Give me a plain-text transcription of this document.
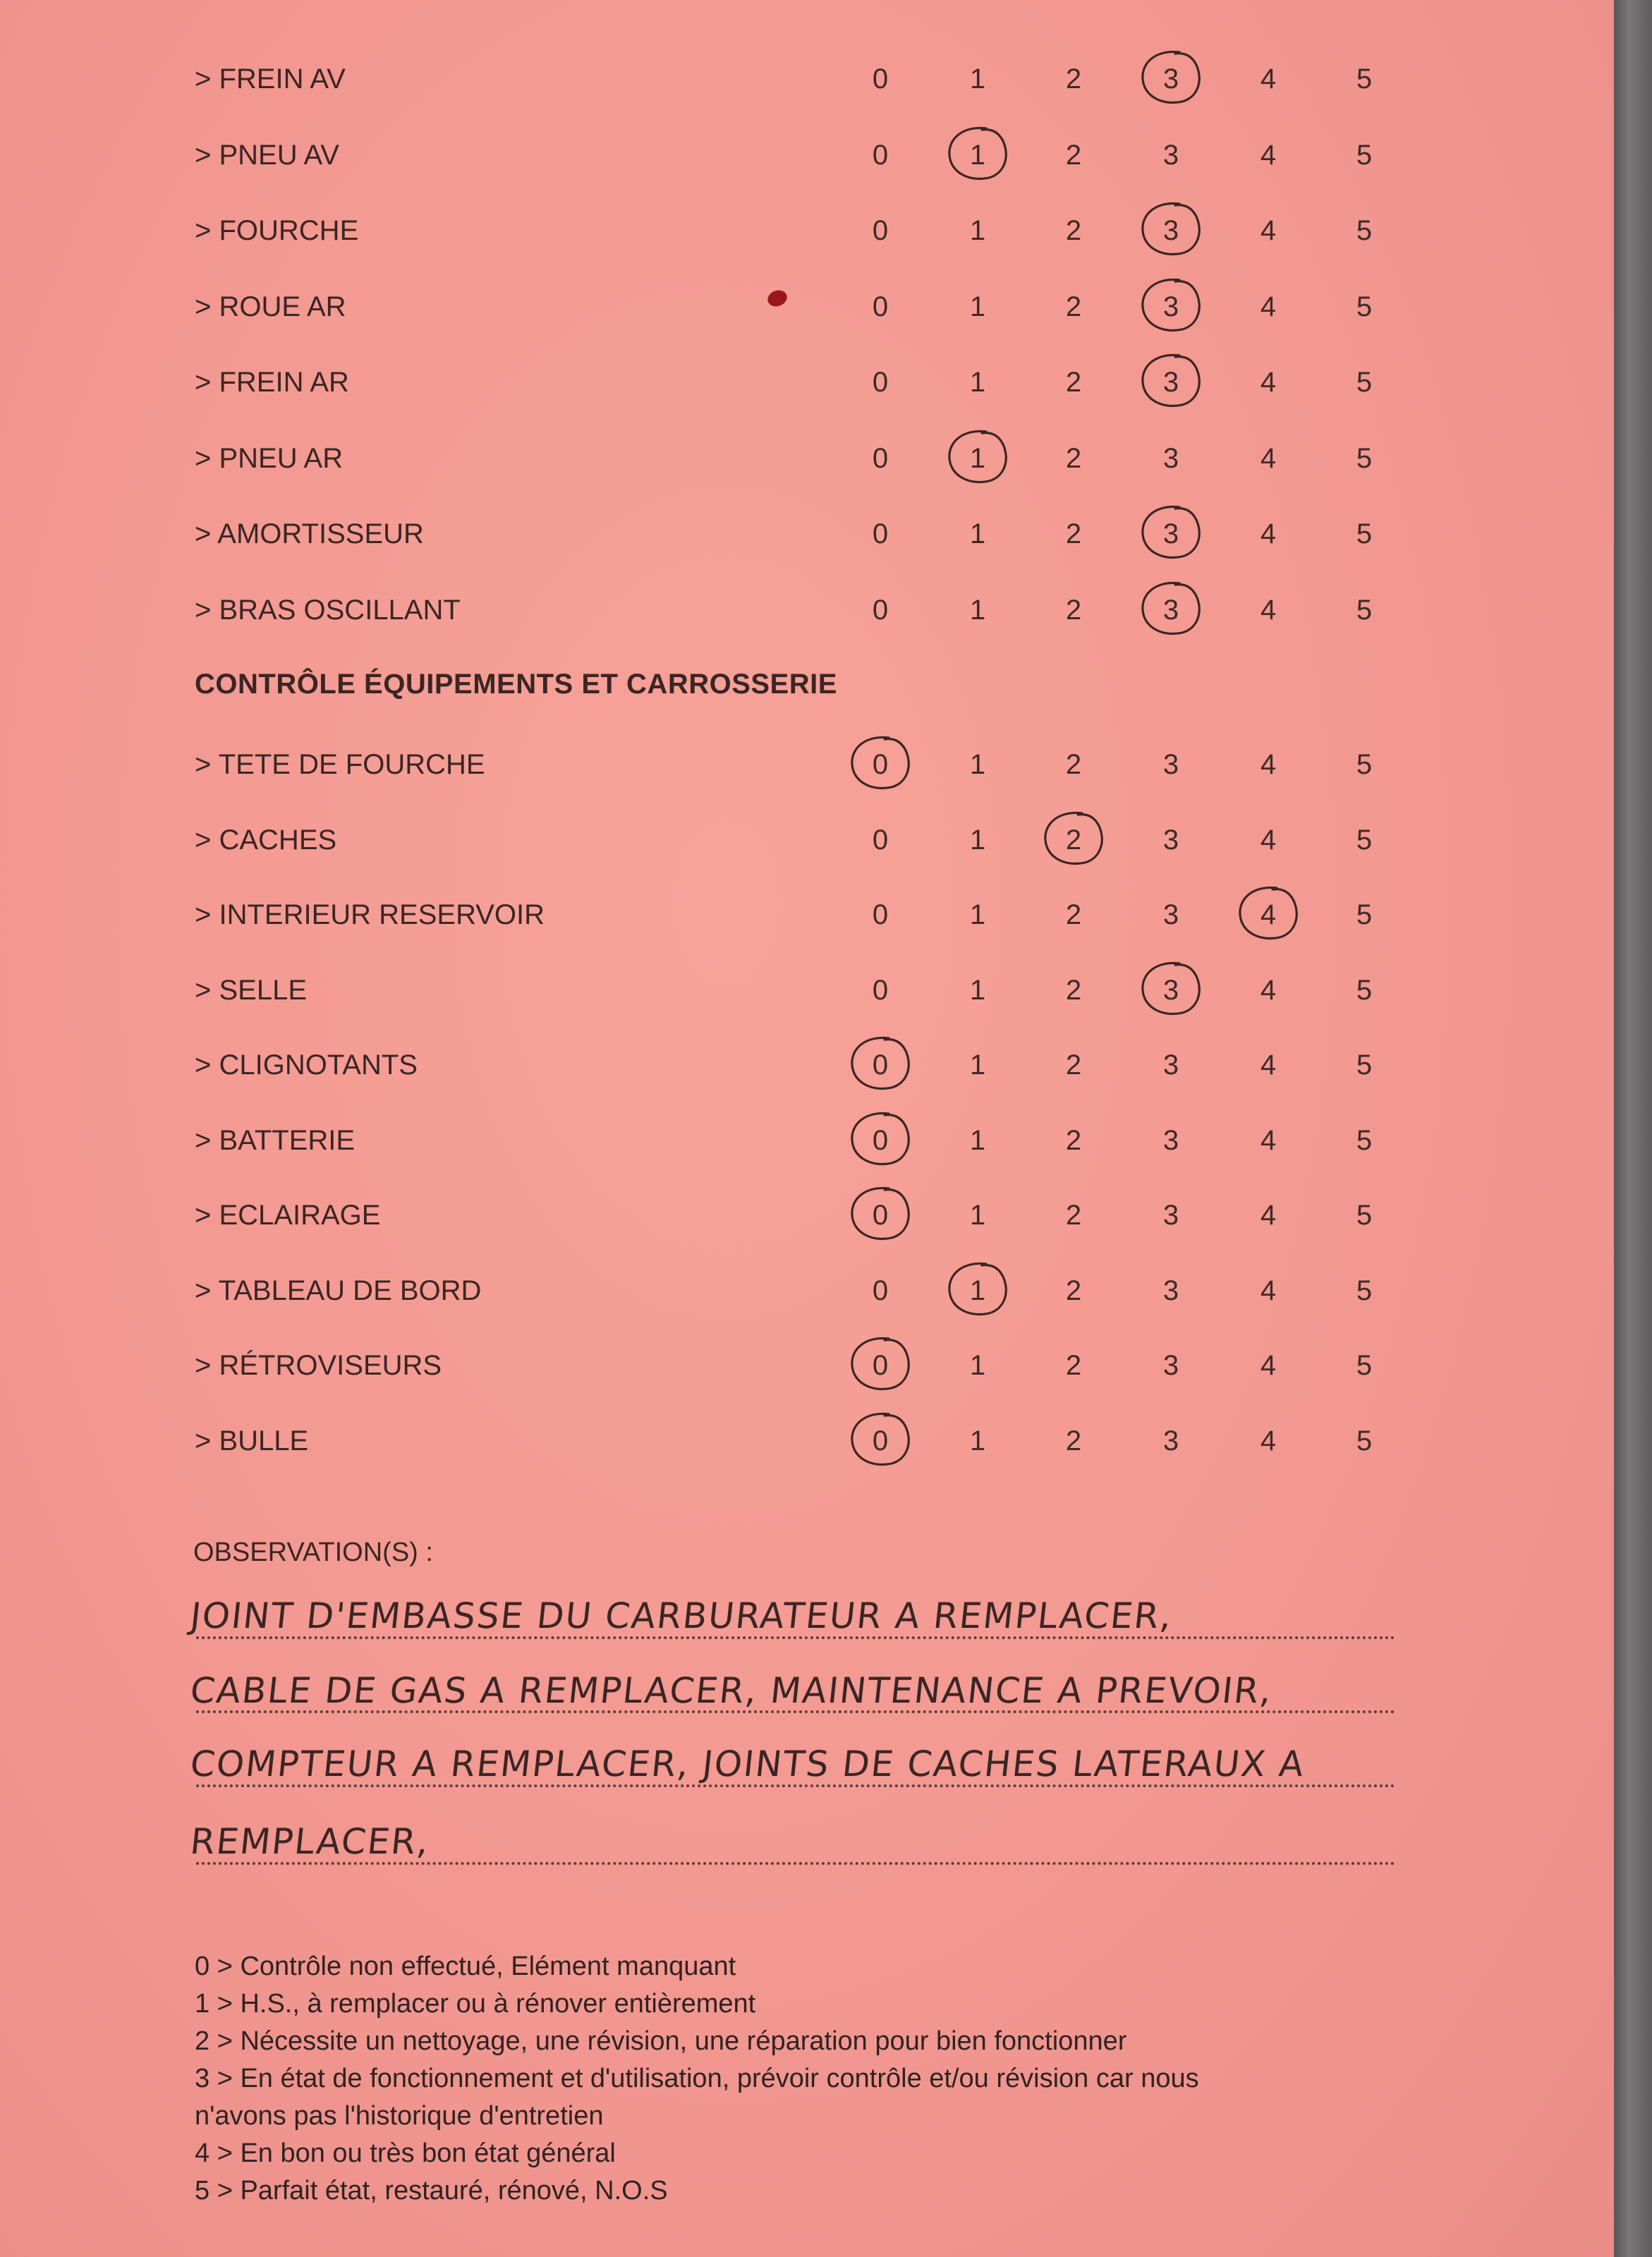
> FREIN AV	0	1	2	3	4	5
> PNEU AV	0	1	2	3	4	5
> FOURCHE	0	1	2	3	4	5
> ROUE AR	0	1	2	3	4	5
> FREIN AR	0	1	2	3	4	5
> PNEU AR	0	1	2	3	4	5
> AMORTISSEUR	0	1	2	3	4	5
> BRAS OSCILLANT	0	1	2	3	4	5
CONTRÔLE ÉQUIPEMENTS ET CARROSSERIE
> TETE DE FOURCHE	0	1	2	3	4	5
> CACHES	0	1	2	3	4	5
> INTERIEUR RESERVOIR	0	1	2	3	4	5
> SELLE	0	1	2	3	4	5
> CLIGNOTANTS	0	1	2	3	4	5
> BATTERIE	0	1	2	3	4	5
> ECLAIRAGE	0	1	2	3	4	5
> TABLEAU DE BORD	0	1	2	3	4	5
> RÉTROVISEURS	0	1	2	3	4	5
> BULLE	0	1	2	3	4	5
OBSERVATION(S) :
JOINT D'EMBASSE DU CARBURATEUR A REMPLACER,
CABLE DE GAS A REMPLACER, MAINTENANCE A PREVOIR,
COMPTEUR A REMPLACER, JOINTS DE CACHES LATERAUX A
REMPLACER,
0 > Contrôle non effectué, Elément manquant
1 > H.S., à remplacer ou à rénover entièrement
2 > Nécessite un nettoyage, une révision, une réparation pour bien fonctionner
3 > En état de fonctionnement et d'utilisation, prévoir contrôle et/ou révision car nous
n'avons pas l'historique d'entretien
4 > En bon ou très bon état général
5 > Parfait état, restauré, rénové, N.O.S
